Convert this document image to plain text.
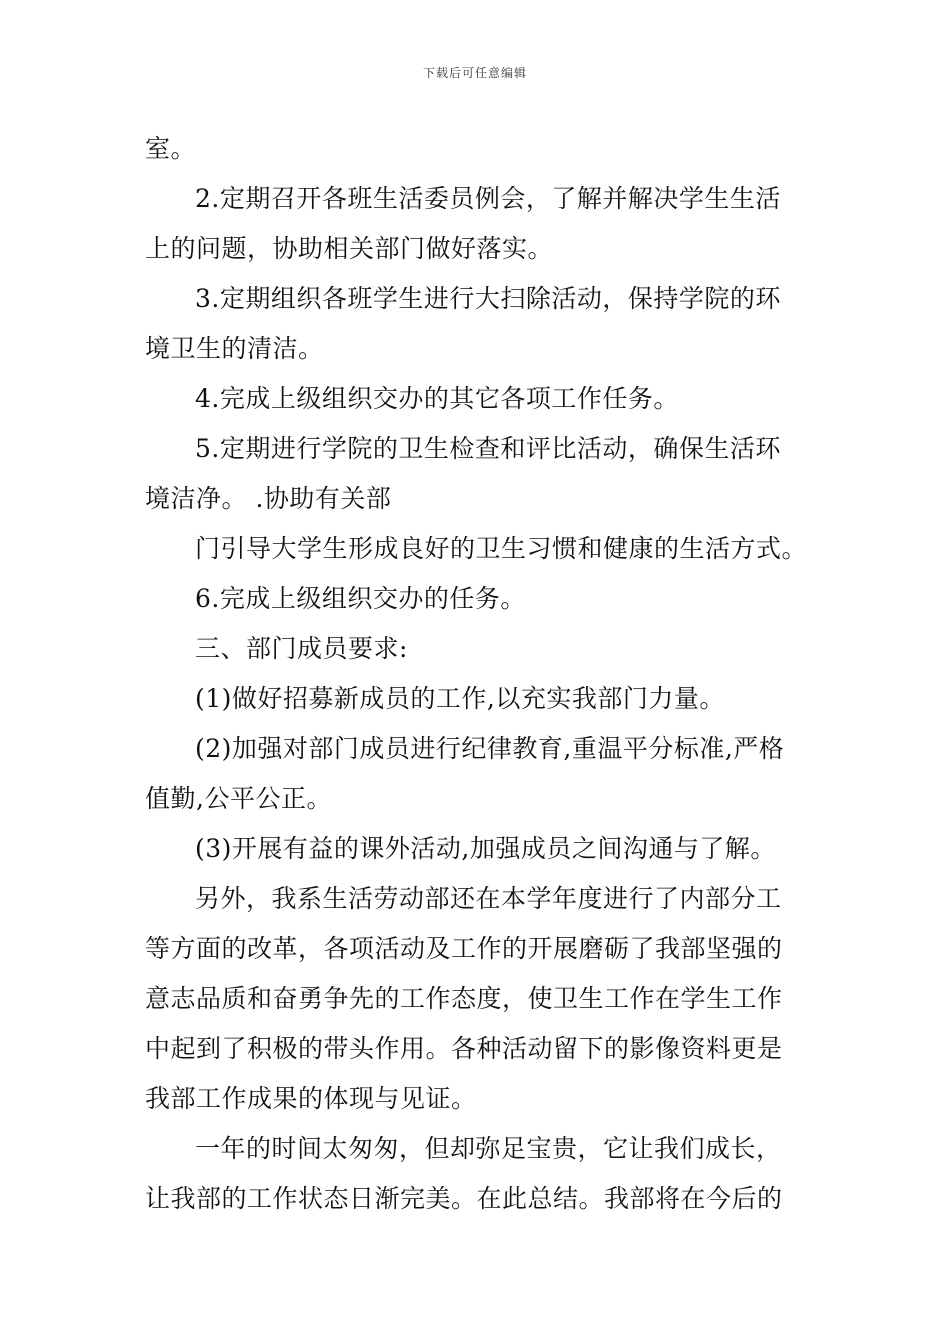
下载后可任意编辑
室。
2.定期召开各班生活委员例会，了解并解决学生生活
上的问题，协助相关部门做好落实。
3.定期组织各班学生进行大扫除活动，保持学院的环
境卫生的清洁。
4.完成上级组织交办的其它各项工作任务。
5.定期进行学院的卫生检查和评比活动，确保生活环
境洁净。 .协助有关部
门引导大学生形成良好的卫生习惯和健康的生活方式。
6.完成上级组织交办的任务。
三、部门成员要求:
(1)做好招募新成员的工作,以充实我部门力量。
(2)加强对部门成员进行纪律教育,重温平分标准,严格
值勤,公平公正。
(3)开展有益的课外活动,加强成员之间沟通与了解。
另外，我系生活劳动部还在本学年度进行了内部分工
等方面的改革，各项活动及工作的开展磨砺了我部坚强的
意志品质和奋勇争先的工作态度，使卫生工作在学生工作
中起到了积极的带头作用。各种活动留下的影像资料更是
我部工作成果的体现与见证。
一年的时间太匆匆，但却弥足宝贵，它让我们成长，
让我部的工作状态日渐完美。在此总结。我部将在今后的
